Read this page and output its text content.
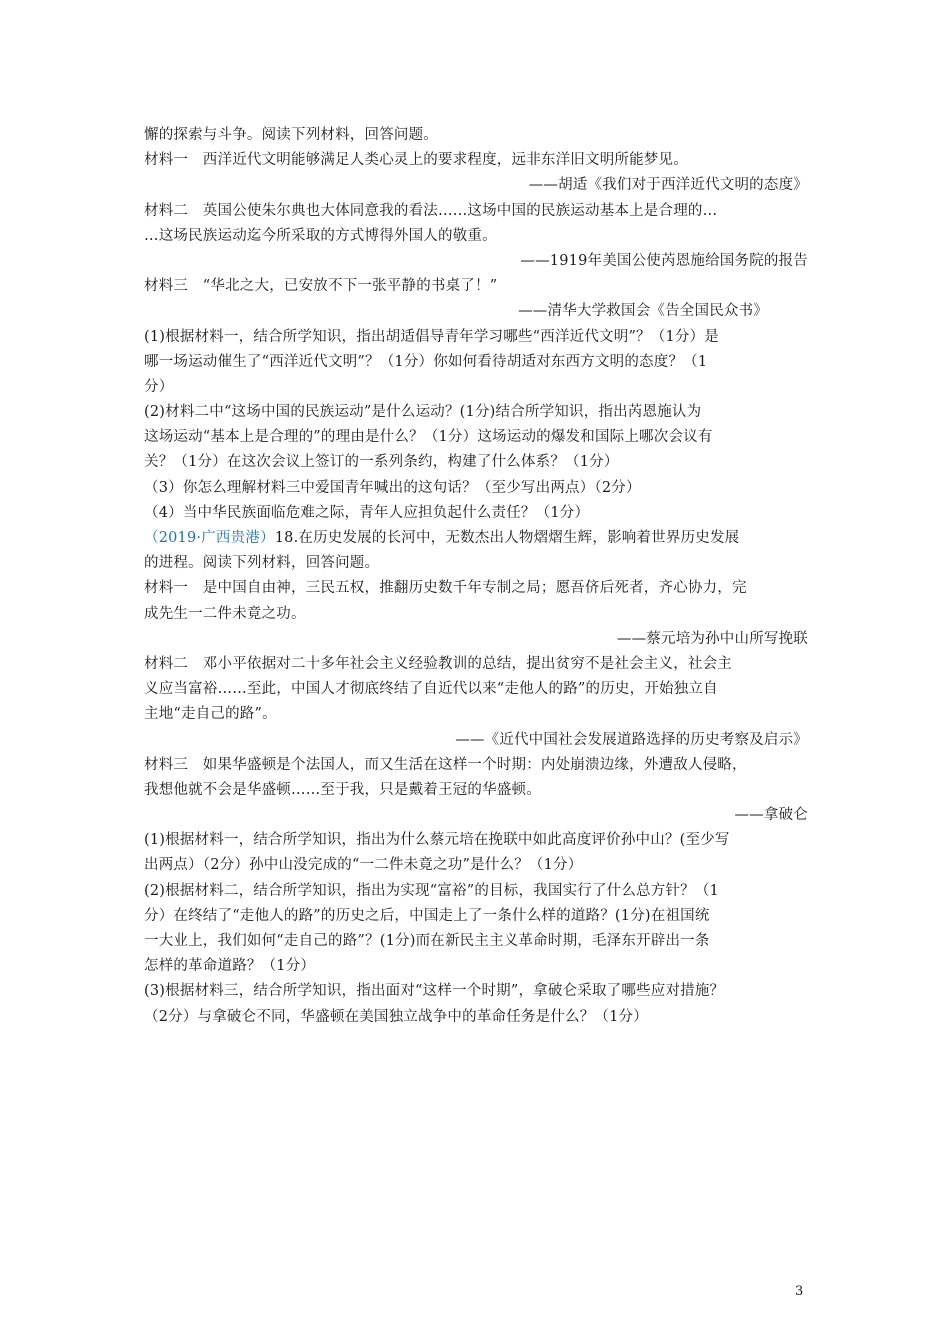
懈的探索与斗争。阅读下列材料，回答问题。
材料一　西洋近代文明能够满足人类心灵上的要求程度，远非东洋旧文明所能梦见。
——胡适《我们对于西洋近代文明的态度》
材料二　英国公使朱尔典也大体同意我的看法……这场中国的民族运动基本上是合理的…
…这场民族运动迄今所采取的方式博得外国人的敬重。
——1919年美国公使芮恩施给国务院的报告
材料三　“华北之大，已安放不下一张平静的书桌了！”
——清华大学救国会《告全国民众书》
(1)根据材料一，结合所学知识，指出胡适倡导青年学习哪些“西洋近代文明”？（1分）是
哪一场运动催生了“西洋近代文明”？（1分）你如何看待胡适对东西方文明的态度？（1
分）
(2)材料二中“这场中国的民族运动”是什么运动？(1分)结合所学知识，指出芮恩施认为
这场运动“基本上是合理的”的理由是什么？（1分）这场运动的爆发和国际上哪次会议有
关？（1分）在这次会议上签订的一系列条约，构建了什么体系？（1分）
（3）你怎么理解材料三中爱国青年喊出的这句话？（至少写出两点）（2分）
（4）当中华民族面临危难之际，青年人应担负起什么责任？（1分）
（2019·广西贵港）18.在历史发展的长河中，无数杰出人物熠熠生辉，影响着世界历史发展
的进程。阅读下列材料，回答问题。
材料一　是中国自由神，三民五权，推翻历史数千年专制之局；愿吾侪后死者，齐心协力，完
成先生一二件未竟之功。
——蔡元培为孙中山所写挽联
材料二　邓小平依据对二十多年社会主义经验教训的总结，提出贫穷不是社会主义，社会主
义应当富裕……至此，中国人才彻底终结了自近代以来“走他人的路”的历史，开始独立自
主地“走自己的路”。
——《近代中国社会发展道路选择的历史考察及启示》
材料三　如果华盛顿是个法国人，而又生活在这样一个时期：内处崩溃边缘，外遭敌人侵略，
我想他就不会是华盛顿……至于我，只是戴着王冠的华盛顿。
——拿破仑
(1)根据材料一，结合所学知识，指出为什么蔡元培在挽联中如此高度评价孙中山？(至少写
出两点）（2分）孙中山没完成的“一二件未竟之功”是什么？（1分）
(2)根据材料二，结合所学知识，指出为实现“富裕”的目标，我国实行了什么总方针？（1
分）在终结了“走他人的路”的历史之后，中国走上了一条什么样的道路？(1分)在祖国统
一大业上，我们如何“走自己的路”？(1分)而在新民主主义革命时期，毛泽东开辟出一条
怎样的革命道路？（1分）
(3)根据材料三，结合所学知识，指出面对“这样一个时期”，拿破仑采取了哪些应对措施？
（2分）与拿破仑不同，华盛顿在美国独立战争中的革命任务是什么？（1分）
3
